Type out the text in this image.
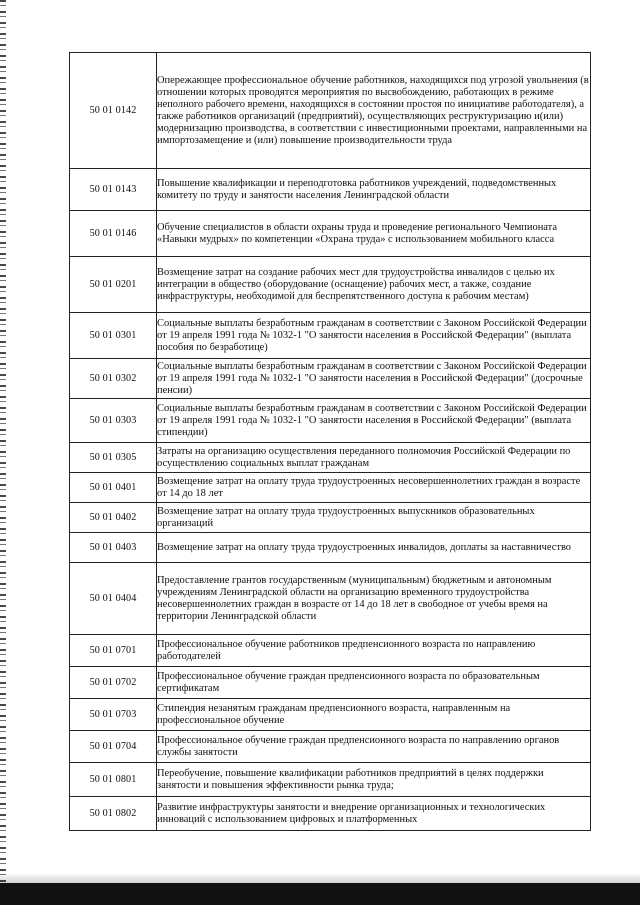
50 01 0142	Опережающее профессиональное обучение работников, находящихся под угрозой увольнения (в отношении которых проводятся мероприятия по высвобождению, работающих в режиме неполного рабочего времени, находящихся в состоянии простоя по инициативе работодателя), а также работников организаций (предприятий), осуществляющих реструктуризацию и(или) модернизацию производства, в соответствии с инвестиционными проектами, направленными на импортозамещение и (или) повышение производительности труда

50 01 0143	Повышение квалификации и переподготовка работников учреждений, подведомственных комитету по труду и занятости населения Ленинградской области

50 01 0146	Обучение специалистов в области охраны труда и проведение регионального Чемпионата «Навыки мудрых» по компетенции «Охрана труда» с использованием мобильного класса

50 01 0201	Возмещение затрат на создание рабочих мест для трудоустройства инвалидов с целью их интеграции в общество (оборудование (оснащение) рабочих мест, а также, создание инфраструктуры, необходимой для беспрепятственного доступа к рабочим местам)

50 01 0301	Социальные выплаты безработным гражданам в соответствии с Законом Российской Федерации от 19 апреля 1991 года № 1032-1 "О занятости населения в Российской Федерации" (выплата пособия по безработице)

50 01 0302	Социальные выплаты безработным гражданам в соответствии с Законом Российской Федерации от 19 апреля 1991 года № 1032-1 "О занятости населения в Российской Федерации" (досрочные пенсии)

50 01 0303	Социальные выплаты безработным гражданам в соответствии с Законом Российской Федерации от 19 апреля 1991 года № 1032-1 "О занятости населения в Российской Федерации" (выплата стипендии)

50 01 0305	Затраты на организацию осуществления переданного полномочия Российской Федерации по осуществлению социальных выплат гражданам

50 01 0401	Возмещение затрат на оплату труда трудоустроенных несовершеннолетних граждан в возрасте от 14 до 18 лет

50 01 0402	Возмещение затрат на оплату труда трудоустроенных выпускников образовательных организаций

50 01 0403	Возмещение затрат на оплату труда трудоустроенных инвалидов, доплаты за наставничество

50 01 0404	Предоставление грантов государственным (муниципальным) бюджетным и автономным учреждениям Ленинградской области на организацию временного трудоустройства несовершеннолетних граждан в возрасте от 14 до 18 лет в свободное от учебы время на территории Ленинградской области

50 01 0701	Профессиональное обучение работников предпенсионного возраста по направлению работодателей

50 01 0702	Профессиональное обучение граждан предпенсионного возраста по образовательным сертификатам

50 01 0703	Стипендия незанятым гражданам предпенсионного возраста, направленным на профессиональное обучение

50 01 0704	Профессиональное обучение граждан предпенсионного возраста по направлению органов службы занятости

50 01 0801	Переобучение, повышение квалификации работников предприятий в целях поддержки занятости и повышения эффективности рынка труда;

50 01 0802	Развитие инфраструктуры занятости и внедрение организационных и технологических инноваций с использованием цифровых и платформенных
